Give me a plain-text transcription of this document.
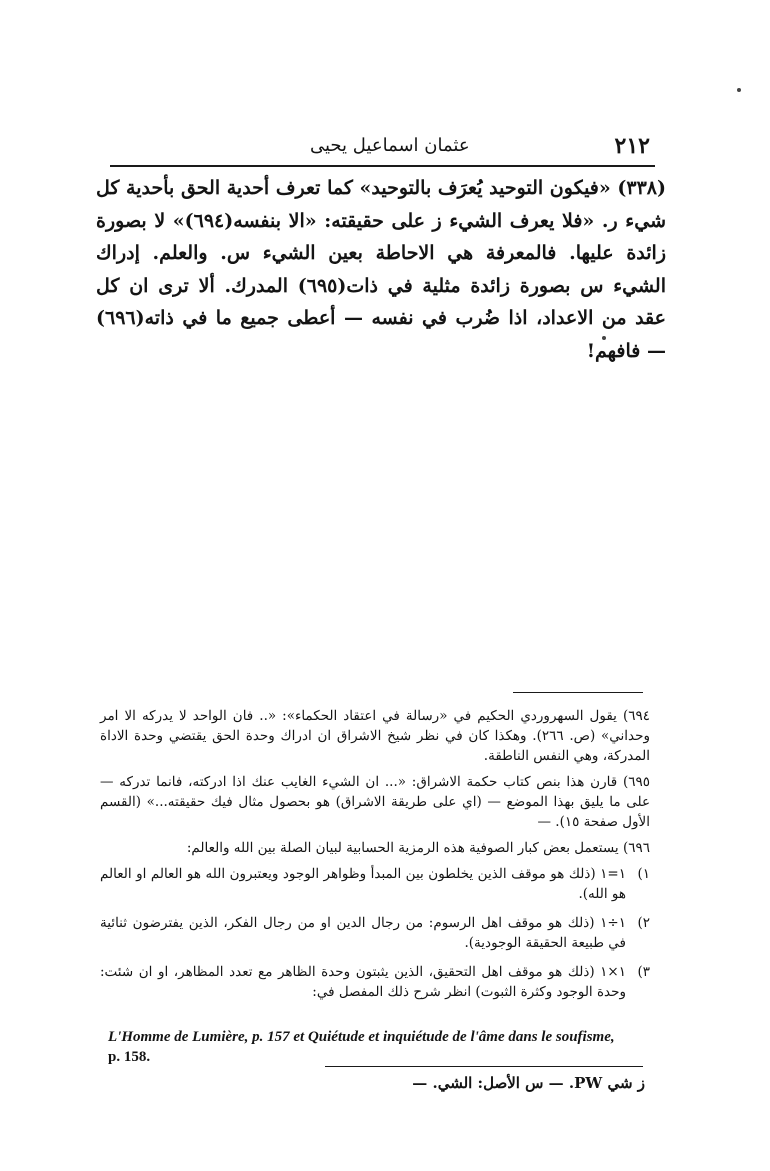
٢١٢
عثمان اسماعيل يحيى
(٣٣٨) «فيكون التوحيد يُعرَف بالتوحيد» كما تعرف أحدية الحق بأحدية كل شيء ر. «فلا يعرف الشيء ز على حقيقته: «الا بنفسه(٦٩٤)» لا بصورة زائدة عليها. فالمعرفة هي الاحاطة بعين الشيء س. والعلم. إدراك الشيء س بصورة زائدة مثلية في ذات(٦٩٥) المدرك. ألا ترى ان كل عقد من الاعداد، اذا ضُرب في نفسه — أعطى جميع ما في ذاته(٦٩٦) — فافهم!

٦٩٤) يقول السهروردي الحكيم في «رسالة في اعتقاد الحكماء»: «.. فان الواحد لا يدركه الا امر وحداني» (ص. ٢٦٦). وهكذا كان في نظر شيخ الاشراق ان ادراك وحدة الحق يقتضي وحدة الاداة المدركة، وهي النفس الناطقة.

٦٩٥) قارن هذا بنص كتاب حكمة الاشراق: «... ان الشيء الغايب عنك اذا ادركته، فانما تدركه — على ما يليق بهذا الموضع — (اي على طريقة الاشراق) هو بحصول مثال فيك حقيقته...» (القسم الأول صفحة ١٥). —

٦٩٦) يستعمل بعض كبار الصوفية هذه الرمزية الحسابية لبيان الصلة بين الله والعالم:

١)
١=١ (ذلك هو موقف الذين يخلطون بين المبدأ وظواهر الوجود ويعتبرون الله هو العالم او العالم هو الله).
٢)
١÷١ (ذلك هو موقف اهل الرسوم: من رجال الدين او من رجال الفكر، الذين يفترضون ثنائية في طبيعة الحقيقة الوجودية).
٣)
١×١ (ذلك هو موقف اهل التحقيق، الذين يثبتون وحدة الظاهر مع تعدد المظاهر، او ان شئت: وحدة الوجود وكثرة الثبوت) انظر شرح ذلك المفصل في:
L'Homme de Lumière, p. 157 et Quiétude et inquiétude de l'âme dans le soufisme,
p. 158.
ز شي PW. — س الأصل: الشي. —
